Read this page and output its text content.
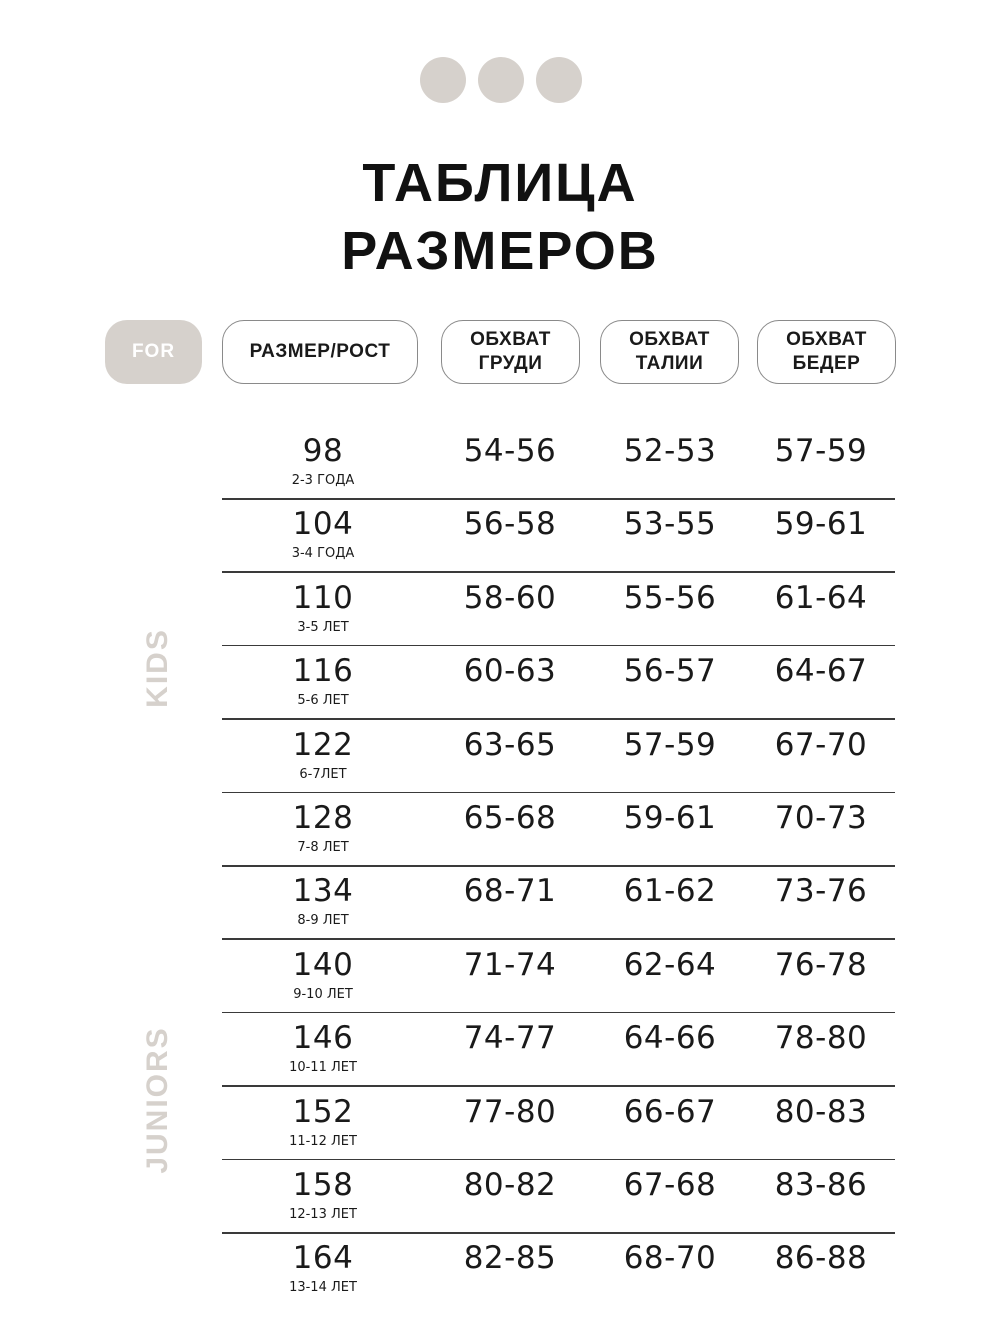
ТАБЛИЦА
РАЗМЕРОВ
FOR	РАЗМЕР/РОСТ
ОБХВАТ
ГРУДИ
ОБХВАТ
ТАЛИИ
ОБХВАТ
БЕДЕР
KIDS
JUNIORS
98
2-3 ГОДА
54-56 52-53 57-59
104
3-4 ГОДА
56-58 53-55 59-61
110
3-5 ЛЕТ
58-60 55-56 61-64
116
5-6 ЛЕТ
60-63 56-57 64-67
122
6-7ЛЕТ
63-65 57-59 67-70
128
7-8 ЛЕТ
65-68 59-61 70-73
134
8-9 ЛЕТ
68-71 61-62 73-76
140
9-10 ЛЕТ
71-74 62-64 76-78
146
10-11 ЛЕТ
74-77 64-66 78-80
152
11-12 ЛЕТ
77-80 66-67 80-83
158
12-13 ЛЕТ
80-82 67-68 83-86
164
13-14 ЛЕТ
82-85 68-70 86-88
